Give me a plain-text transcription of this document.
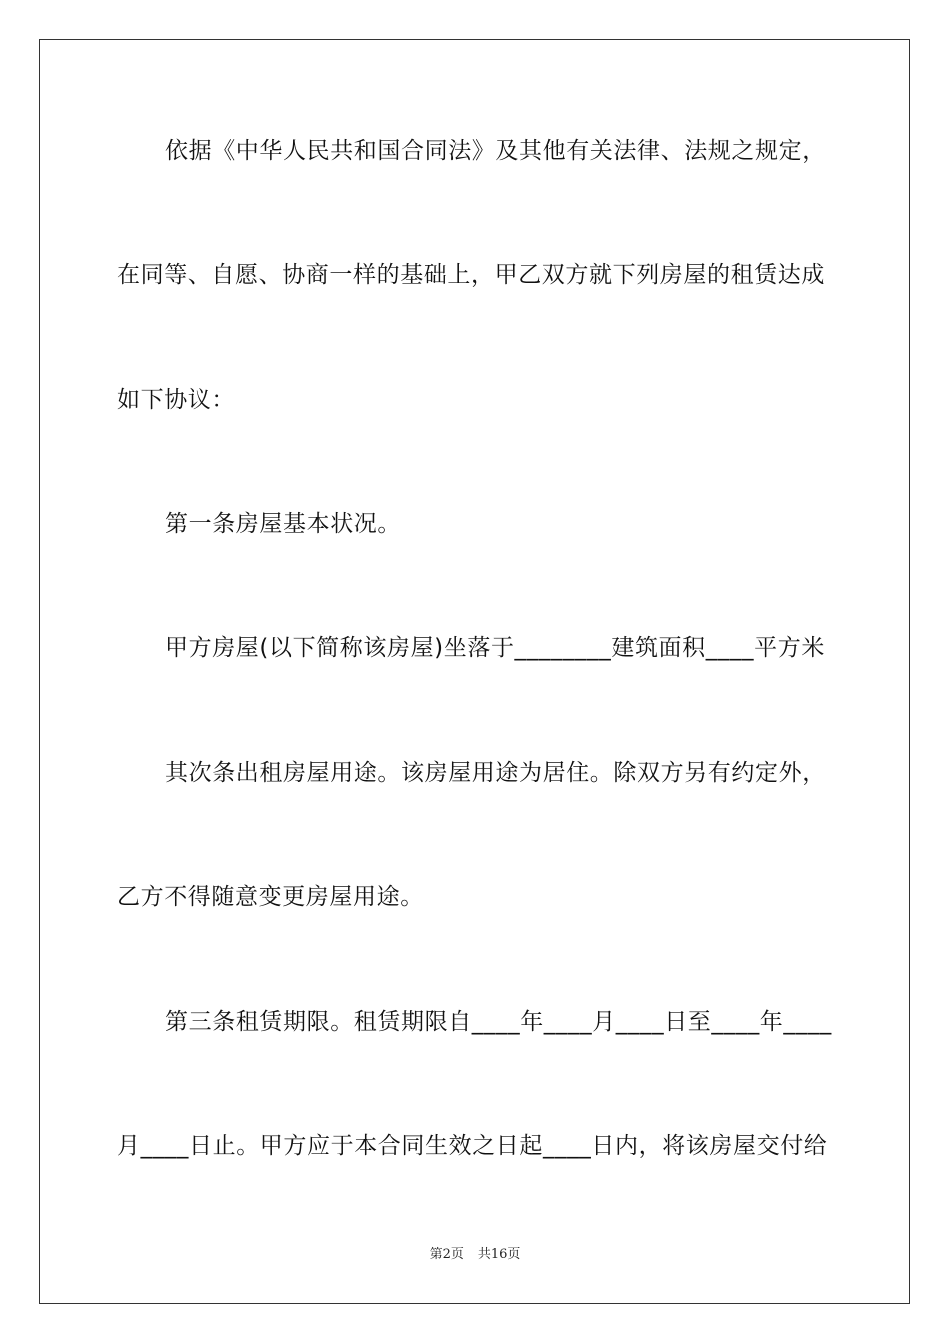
依据《中华人民共和国合同法》及其他有关法律、法规之规定，
在同等、自愿、协商一样的基础上，甲乙双方就下列房屋的租赁达成
如下协议：
第一条房屋基本状况。
甲方房屋(以下简称该房屋)坐落于________建筑面积____平方米
其次条出租房屋用途。该房屋用途为居住。除双方另有约定外，
乙方不得随意变更房屋用途。
第三条租赁期限。租赁期限自____年____月____日至____年____
月____日止。甲方应于本合同生效之日起____日内，将该房屋交付给
第2页 共16页
